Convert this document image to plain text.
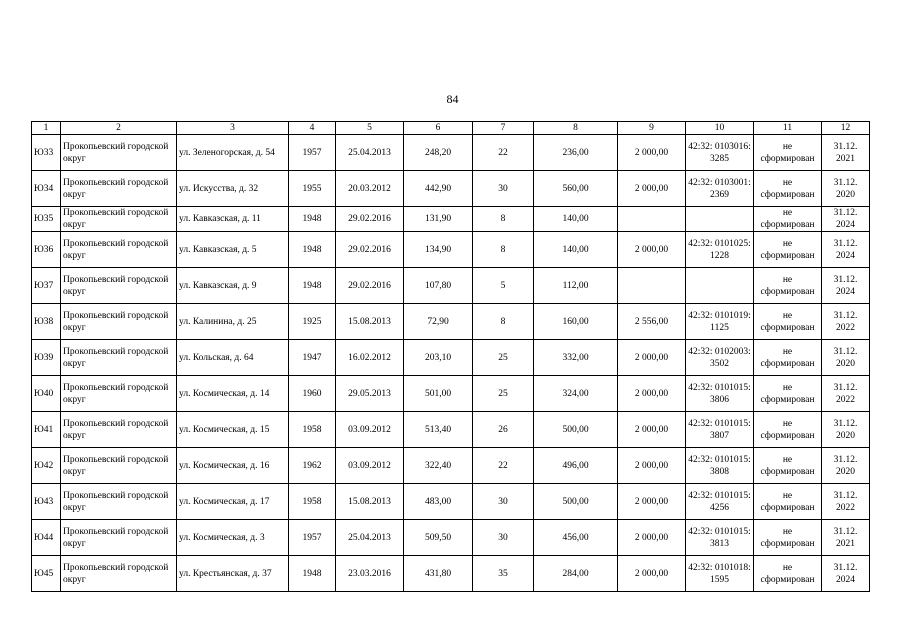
84
1	2	3	4	5	6	7	8	9	10	11	12
Ю33	Прокопьевский городской округ	ул. Зеленогорская, д. 54	1957	25.04.2013	248,20	22	236,00	2 000,00	42:32: 0103016: 3285	не сформирован	31.12. 2021
Ю34	Прокопьевский городской округ	ул. Искусства, д. 32	1955	20.03.2012	442,90	30	560,00	2 000,00	42:32: 0103001: 2369	не сформирован	31.12. 2020
Ю35	Прокопьевский городской округ	ул. Кавказская, д. 11	1948	29.02.2016	131,90	8	140,00			не сформирован	31.12. 2024
Ю36	Прокопьевский городской округ	ул. Кавказская, д. 5	1948	29.02.2016	134,90	8	140,00	2 000,00	42:32: 0101025: 1228	не сформирован	31.12. 2024
Ю37	Прокопьевский городской округ	ул. Кавказская, д. 9	1948	29.02.2016	107,80	5	112,00			не сформирован	31.12. 2024
Ю38	Прокопьевский городской округ	ул. Калинина, д. 25	1925	15.08.2013	72,90	8	160,00	2 556,00	42:32: 0101019: 1125	не сформирован	31.12. 2022
Ю39	Прокопьевский городской округ	ул. Кольская, д. 64	1947	16.02.2012	203,10	25	332,00	2 000,00	42:32: 0102003: 3502	не сформирован	31.12. 2020
Ю40	Прокопьевский городской округ	ул. Космическая, д. 14	1960	29.05.2013	501,00	25	324,00	2 000,00	42:32: 0101015: 3806	не сформирован	31.12. 2022
Ю41	Прокопьевский городской округ	ул. Космическая, д. 15	1958	03.09.2012	513,40	26	500,00	2 000,00	42:32: 0101015: 3807	не сформирован	31.12. 2020
Ю42	Прокопьевский городской округ	ул. Космическая, д. 16	1962	03.09.2012	322,40	22	496,00	2 000,00	42:32: 0101015: 3808	не сформирован	31.12. 2020
Ю43	Прокопьевский городской округ	ул. Космическая, д. 17	1958	15.08.2013	483,00	30	500,00	2 000,00	42:32: 0101015: 4256	не сформирован	31.12. 2022
Ю44	Прокопьевский городской округ	ул. Космическая, д. 3	1957	25.04.2013	509,50	30	456,00	2 000,00	42:32: 0101015: 3813	не сформирован	31.12. 2021
Ю45	Прокопьевский городской округ	ул. Крестьянская, д. 37	1948	23.03.2016	431,80	35	284,00	2 000,00	42:32: 0101018: 1595	не сформирован	31.12. 2024
